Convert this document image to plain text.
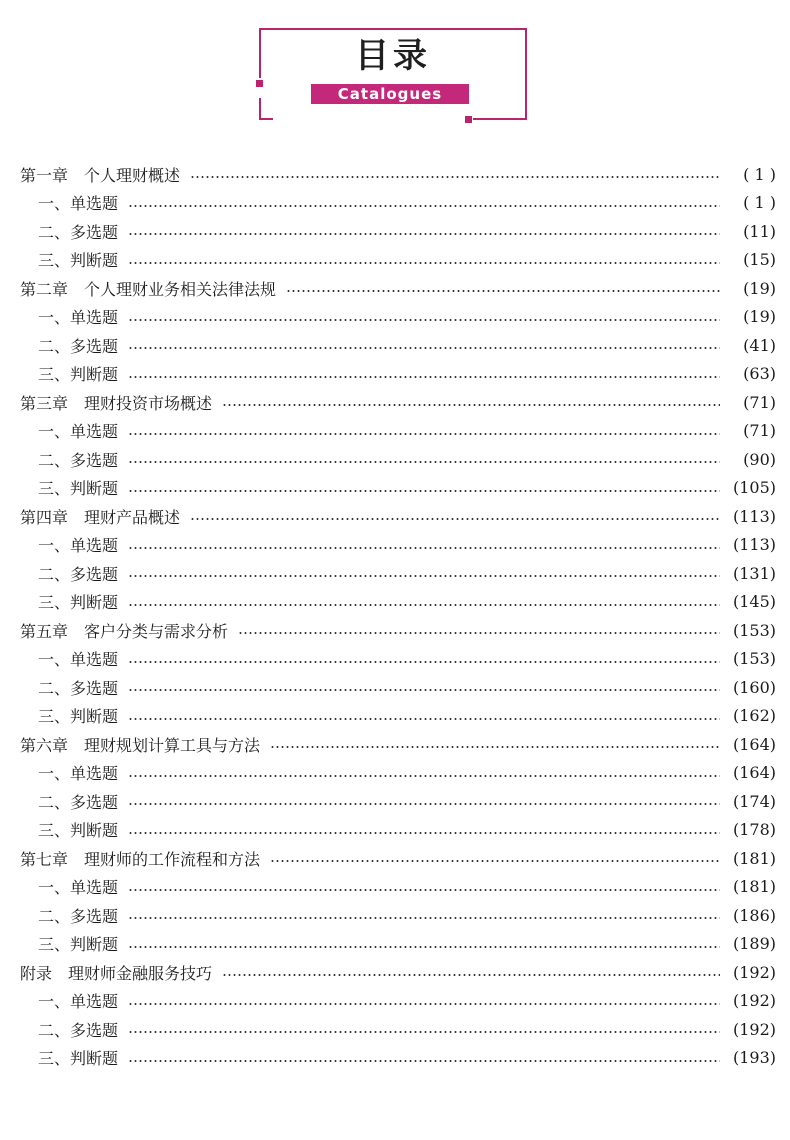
目录
Catalogues
第一章　个人理财概述	( 1 )
一、单选题	( 1 )
二、多选题	(11)
三、判断题	(15)
第二章　个人理财业务相关法律法规	(19)
一、单选题	(19)
二、多选题	(41)
三、判断题	(63)
第三章　理财投资市场概述	(71)
一、单选题	(71)
二、多选题	(90)
三、判断题	(105)
第四章　理财产品概述	(113)
一、单选题	(113)
二、多选题	(131)
三、判断题	(145)
第五章　客户分类与需求分析	(153)
一、单选题	(153)
二、多选题	(160)
三、判断题	(162)
第六章　理财规划计算工具与方法	(164)
一、单选题	(164)
二、多选题	(174)
三、判断题	(178)
第七章　理财师的工作流程和方法	(181)
一、单选题	(181)
二、多选题	(186)
三、判断题	(189)
附录　理财师金融服务技巧	(192)
一、单选题	(192)
二、多选题	(192)
三、判断题	(193)
